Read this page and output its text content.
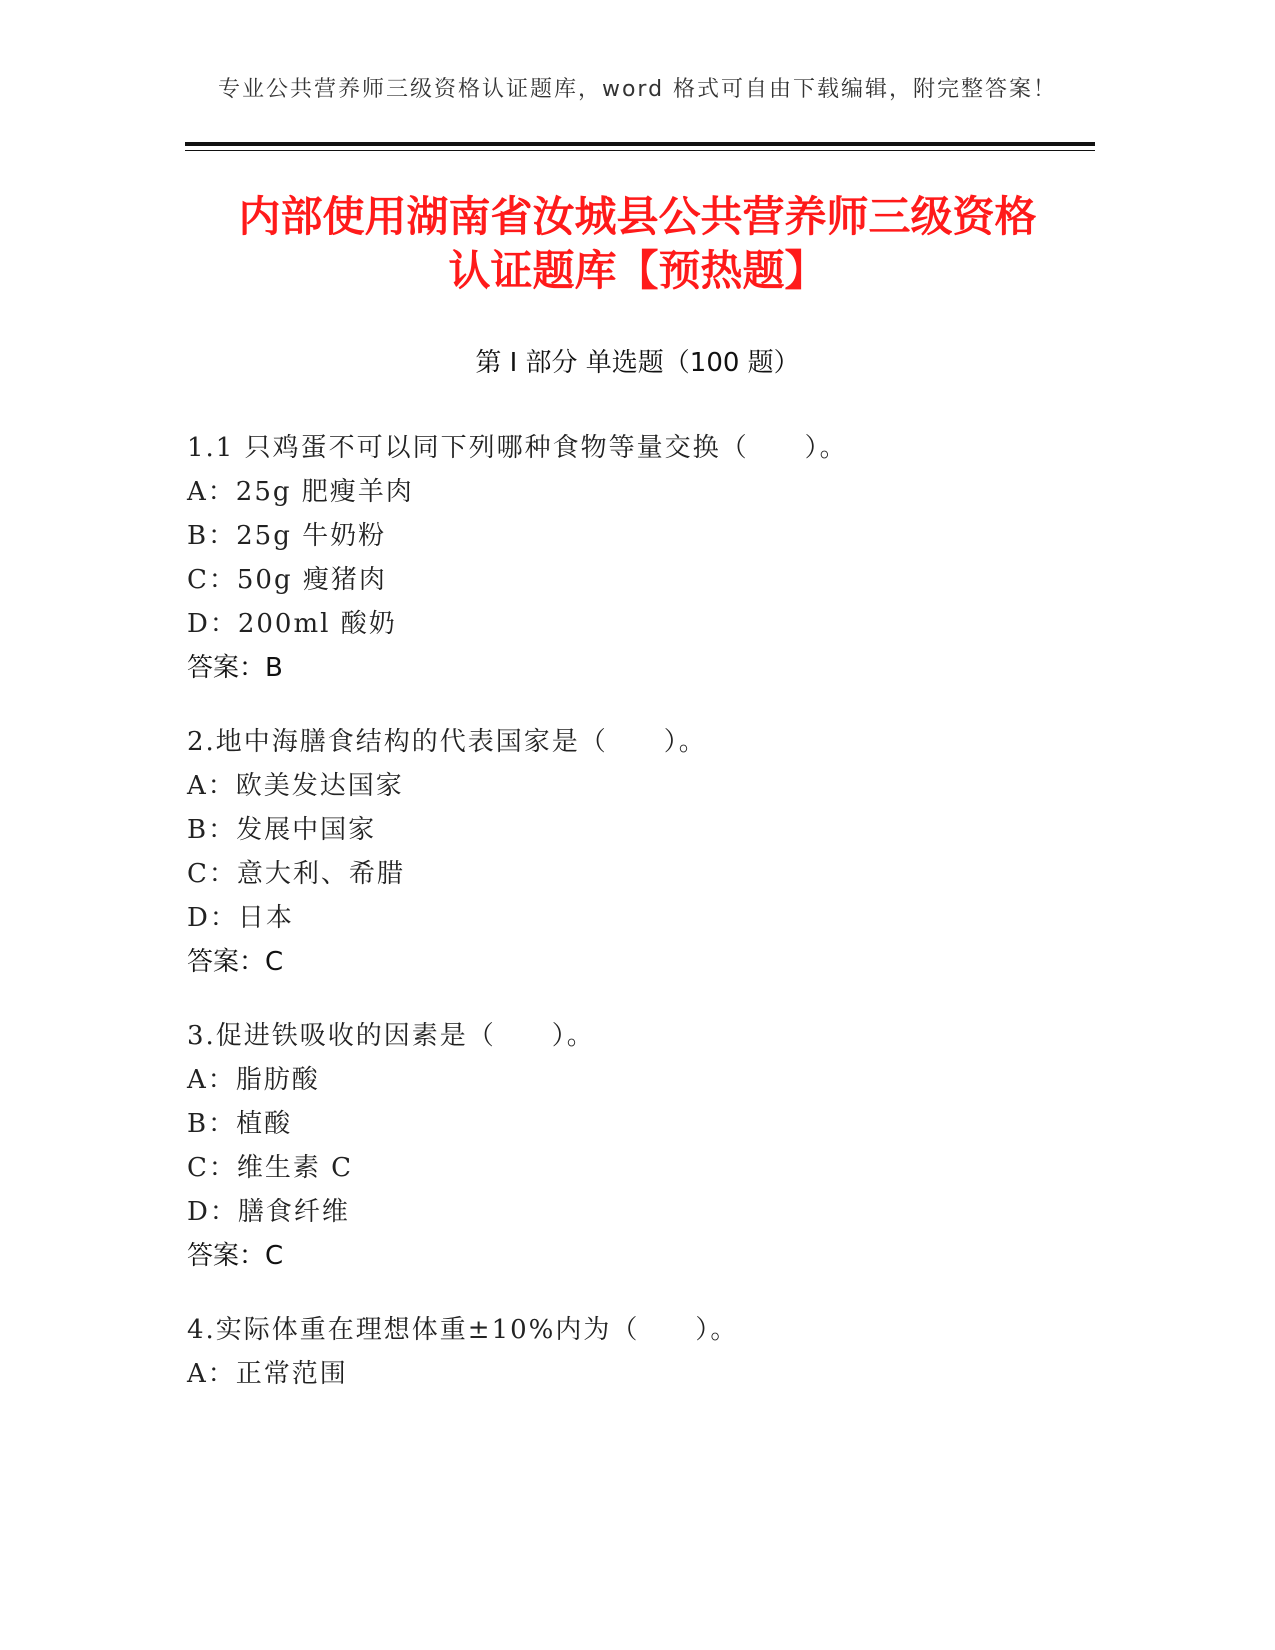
专业公共营养师三级资格认证题库，word 格式可自由下载编辑，附完整答案！
内部使用湖南省汝城县公共营养师三级资格
认证题库【预热题】
第 I 部分 单选题（100 题）
1.1 只鸡蛋不可以同下列哪种食物等量交换（　　）。
A：25g 肥瘦羊肉
B：25g 牛奶粉
C：50g 瘦猪肉
D：200ml 酸奶
答案：B
2.地中海膳食结构的代表国家是（　　）。
A：欧美发达国家
B：发展中国家
C：意大利、希腊
D：日本
答案：C
3.促进铁吸收的因素是（　　）。
A：脂肪酸
B：植酸
C：维生素 C
D：膳食纤维
答案：C
4.实际体重在理想体重±10%内为（　　）。
A：正常范围
